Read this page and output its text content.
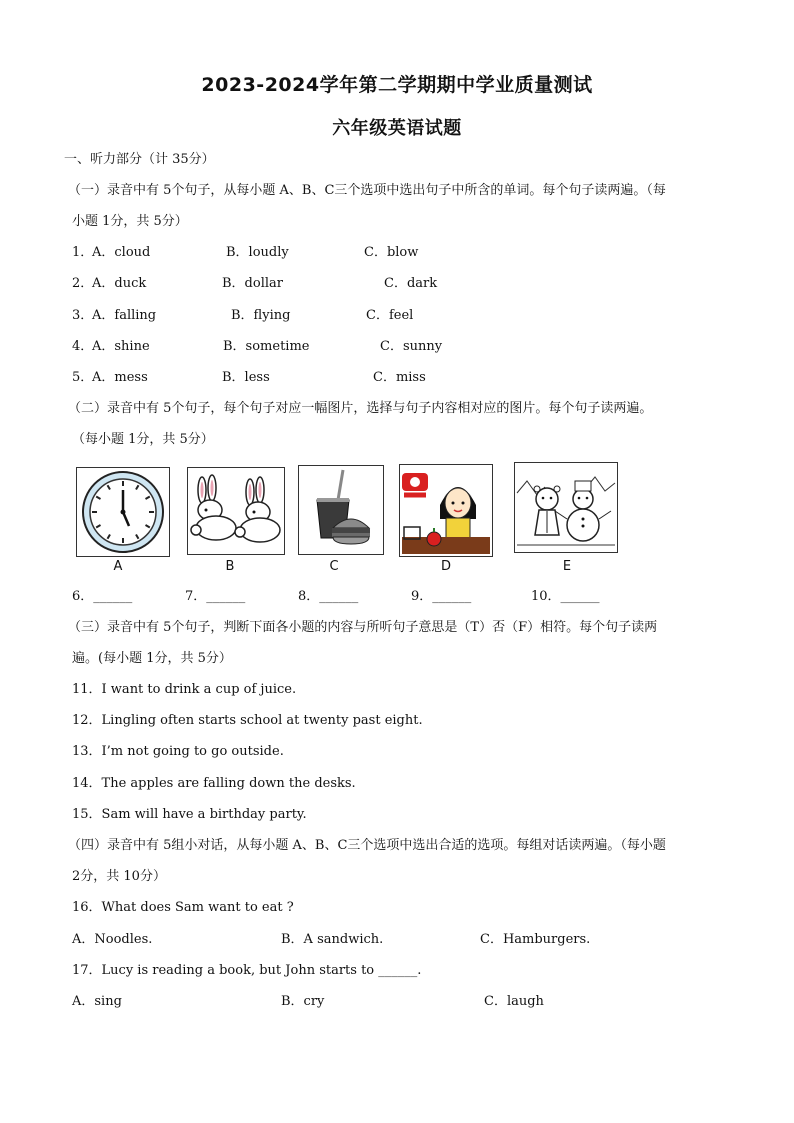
2023-2024学年第二学期期中学业质量测试
六年级英语试题
一、听力部分（计 35分）
（一）录音中有 5个句子，从每小题 A、B、C三个选项中选出句子中所含的单词。每个句子读两遍。（每
小题 1分，共 5分）
1．
A．cloud	B．loudly	C．blow
2．
A．duck	B．dollar	C．dark
3．
A．falling	B．flying	C．feel
4．
A．shine	B．sometime	C．sunny
5．
A．mess	B．less	C．miss
（二）录音中有 5个句子，每个句子对应一幅图片，选择与句子内容相对应的图片。每个句子读两遍。
（每小题 1分，共 5分）
A	B	C	D	E
6．______	7．______	8．______	9．______	10．______
（三）录音中有 5个句子，判断下面各小题的内容与所听句子意思是（T）否（F）相符。每个句子读两
遍。(每小题 1分，共 5分）
11．I want to drink a cup of juice.
12．Lingling often starts school at twenty past eight.
13．I’m not going to go outside.
14．The apples are falling down the desks.
15．Sam will have a birthday party.
（四）录音中有 5组小对话，从每小题 A、B、C三个选项中选出合适的选项。每组对话读两遍。（每小题
2分，共 10分）
16．What does Sam want to eat ?
A．Noodles.	B．A sandwich.	C．Hamburgers.
17．Lucy is reading a book, but John starts to ______.
A．sing	B．cry	C．laugh
